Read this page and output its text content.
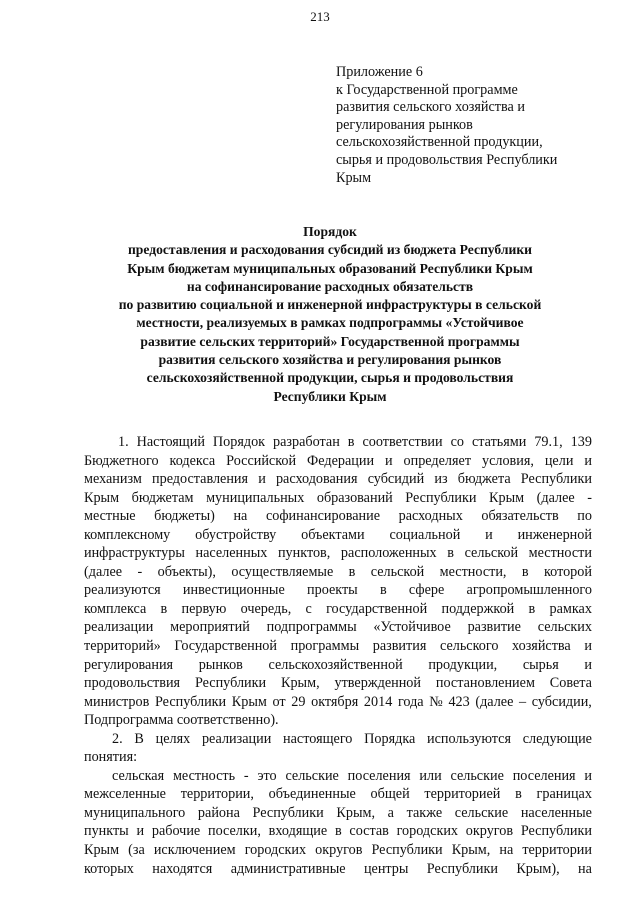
213
Приложение 6
к Государственной программе
развития сельского хозяйства и
регулирования рынков
сельскохозяйственной продукции,
сырья и продовольствия Республики
Крым
Порядок
предоставления и расходования субсидий из бюджета Республики
Крым бюджетам муниципальных образований Республики Крым
на софинансирование расходных обязательств
по развитию социальной и инженерной инфраструктуры в сельской
местности, реализуемых в рамках подпрограммы «Устойчивое
развитие сельских территорий» Государственной программы
развития сельского хозяйства и регулирования рынков
сельскохозяйственной продукции, сырья и продовольствия
Республики Крым
1. Настоящий Порядок разработан в соответствии со статьями 79.1, 139
Бюджетного кодекса Российской Федерации и определяет условия, цели и
механизм предоставления и расходования субсидий из бюджета Республики
Крым бюджетам муниципальных образований Республики Крым (далее -
местные бюджеты) на софинансирование расходных обязательств по
комплексному обустройству объектами социальной и инженерной
инфраструктуры населенных пунктов, расположенных в сельской местности
(далее - объекты), осуществляемые в сельской местности, в которой
реализуются инвестиционные проекты в сфере агропромышленного
комплекса в первую очередь, с государственной поддержкой в рамках
реализации мероприятий подпрограммы «Устойчивое развитие сельских
территорий» Государственной программы развития сельского хозяйства и
регулирования рынков сельскохозяйственной продукции, сырья и
продовольствия Республики Крым, утвержденной постановлением Совета
министров Республики Крым от 29 октября 2014 года № 423 (далее – субсидии,
Подпрограмма соответственно).
2. В целях реализации настоящего Порядка используются следующие
понятия:
сельская местность - это сельские поселения или сельские поселения и
межселенные территории, объединенные общей территорией в границах
муниципального района Республики Крым, а также сельские населенные
пункты и рабочие поселки, входящие в состав городских округов Республики
Крым (за исключением городских округов Республики Крым, на территории
которых находятся административные центры Республики Крым), на
